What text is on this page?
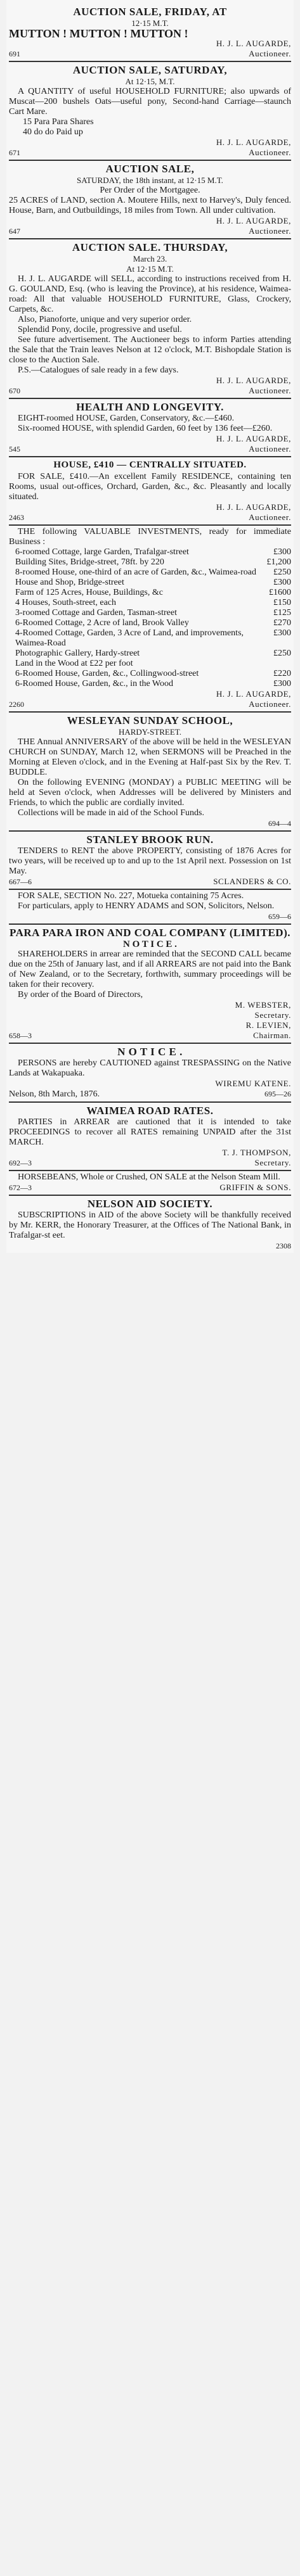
AUCTION SALE, FRIDAY, AT
12·15 M.T.
MUTTON ! MUTTON ! MUTTON !
H. J. L. AUGARDE,
691	Auctioneer.
AUCTION SALE, SATURDAY,
At 12·15, M.T.
A QUANTITY of useful HOUSEHOLD FURNITURE; also upwards of Muscat—200 bushels Oats—useful pony, Second-hand Carriage—staunch Cart Mare.
15 Para Para Shares
40 do do Paid up
H. J. L. AUGARDE,
671	Auctioneer.
AUCTION SALE,
SATURDAY, the 18th instant, at 12·15 M.T.
Per Order of the Mortgagee.
25 ACRES of LAND, section A. Moutere Hills, next to Harvey's, Duly fenced. House, Barn, and Outbuildings, 18 miles from Town. All under cultivation.
H. J. L. AUGARDE,
647	Auctioneer.
AUCTION SALE. THURSDAY,
March 23.
At 12·15 M.T.
H. J. L. AUGARDE will SELL, according to instructions received from H. G. GOULAND, Esq. (who is leaving the Province), at his residence, Waimea-road: All that valuable HOUSEHOLD FURNITURE, Glass, Crockery, Carpets, &c.
Also, Pianoforte, unique and very superior order.
Splendid Pony, docile, progressive and useful.
See future advertisement. The Auctioneer begs to inform Parties attending the Sale that the Train leaves Nelson at 12 o'clock, M.T. Bishopdale Station is close to the Auction Sale.
P.S.—Catalogues of sale ready in a few days.
H. J. L. AUGARDE,
670	Auctioneer.
HEALTH AND LONGEVITY.
EIGHT-roomed HOUSE, Garden, Conservatory, &c.—£460.
Six-roomed HOUSE, with splendid Garden, 60 feet by 136 feet—£260.
H. J. L. AUGARDE,
545	Auctioneer.
HOUSE, £410 — CENTRALLY SITUATED.
FOR SALE, £410.—An excellent Family RESIDENCE, containing ten Rooms, usual out-offices, Orchard, Garden, &c., &c. Pleasantly and locally situated.
H. J. L. AUGARDE,
2463	Auctioneer.
THE following VALUABLE INVESTMENTS, ready for immediate Business :
6-roomed Cottage, large Garden, Trafalgar-street	£300
Building Sites, Bridge-street, 78ft. by 220	£1,200
8-roomed House, one-third of an acre of Garden, &c., Waimea-road £250
House and Shop, Bridge-street	£300
Farm of 125 Acres, House, Buildings, &c	£1600
4 Houses, South-street, each	£150
3-roomed Cottage and Garden, Tasman-street	£125
6-Roomed Cottage, 2 Acre of land, Brook Valley	£270
4-Roomed Cottage, Garden, 3 Acre of Land, and improvements, Waimea-Road
£300
Photographic Gallery, Hardy-street	£250
Land in the Wood at £22 per foot
6-Roomed House, Garden, &c., Collingwood-street	£220
6-Roomed House, Garden, &c., in the Wood	£300
H. J. L. AUGARDE,
2260	Auctioneer.
WESLEYAN SUNDAY SCHOOL,
HARDY-STREET.
THE Annual ANNIVERSARY of the above will be held in the WESLEYAN CHURCH on SUNDAY, March 12, when SERMONS will be Preached in the Morning at Eleven o'clock, and in the Evening at Half-past Six by the Rev. T. BUDDLE.
On the following EVENING (MONDAY) a PUBLIC MEETING will be held at Seven o'clock, when Addresses will be delivered by Ministers and Friends, to which the public are cordially invited.
Collections will be made in aid of the School Funds.
694—4
STANLEY BROOK RUN.
TENDERS to RENT the above PROPERTY, consisting of 1876 Acres for two years, will be received up to and up to the 1st April next. Possession on 1st May.
667—6	SCLANDERS & CO.
FOR SALE, SECTION No. 227, Motueka containing 75 Acres.
For particulars, apply to HENRY ADAMS and SON, Solicitors, Nelson.
659—6
PARA PARA IRON AND COAL COMPANY (LIMITED).
N O T I C E .
SHAREHOLDERS in arrear are reminded that the SECOND CALL became due on the 25th of January last, and if all ARREARS are not paid into the Bank of New Zealand, or to the Secretary, forthwith, summary proceedings will be taken for their recovery.
By order of the Board of Directors,
M. WEBSTER,
Secretary.
R. LEVIEN,
658—3	Chairman.
N O T I C E .
PERSONS are hereby CAUTIONED against TRESPASSING on the Native Lands at Wakapuaka.
WIREMU KATENE.
Nelson, 8th March, 1876.	695—26
WAIMEA ROAD RATES.
PARTIES in ARREAR are cautioned that it is intended to take PROCEEDINGS to recover all RATES remaining UNPAID after the 31st MARCH.
T. J. THOMPSON,
692—3	Secretary.
HORSEBEANS, Whole or Crushed, ON SALE at the Nelson Steam Mill.
672—3	GRIFFIN & SONS.
NELSON AID SOCIETY.
SUBSCRIPTIONS in AID of the above Society will be thankfully received by Mr. KERR, the Honorary Treasurer, at the Offices of The National Bank, in Trafalgar-st eet.
2308
